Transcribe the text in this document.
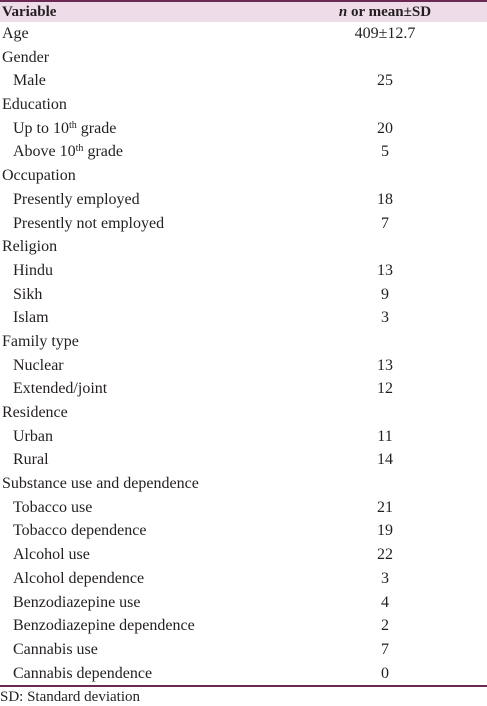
Variable	n or mean±SD
Age	409±12.7
Gender
Male	25
Education
Up to 10th grade	20
Above 10th grade	5
Occupation
Presently employed	18
Presently not employed	7
Religion
Hindu	13
Sikh	9
Islam	3
Family type
Nuclear	13
Extended/joint	12
Residence
Urban	11
Rural	14
Substance use and dependence
Tobacco use	21
Tobacco dependence	19
Alcohol use	22
Alcohol dependence	3
Benzodiazepine use	4
Benzodiazepine dependence	2
Cannabis use	7
Cannabis dependence	0
SD: Standard deviation
